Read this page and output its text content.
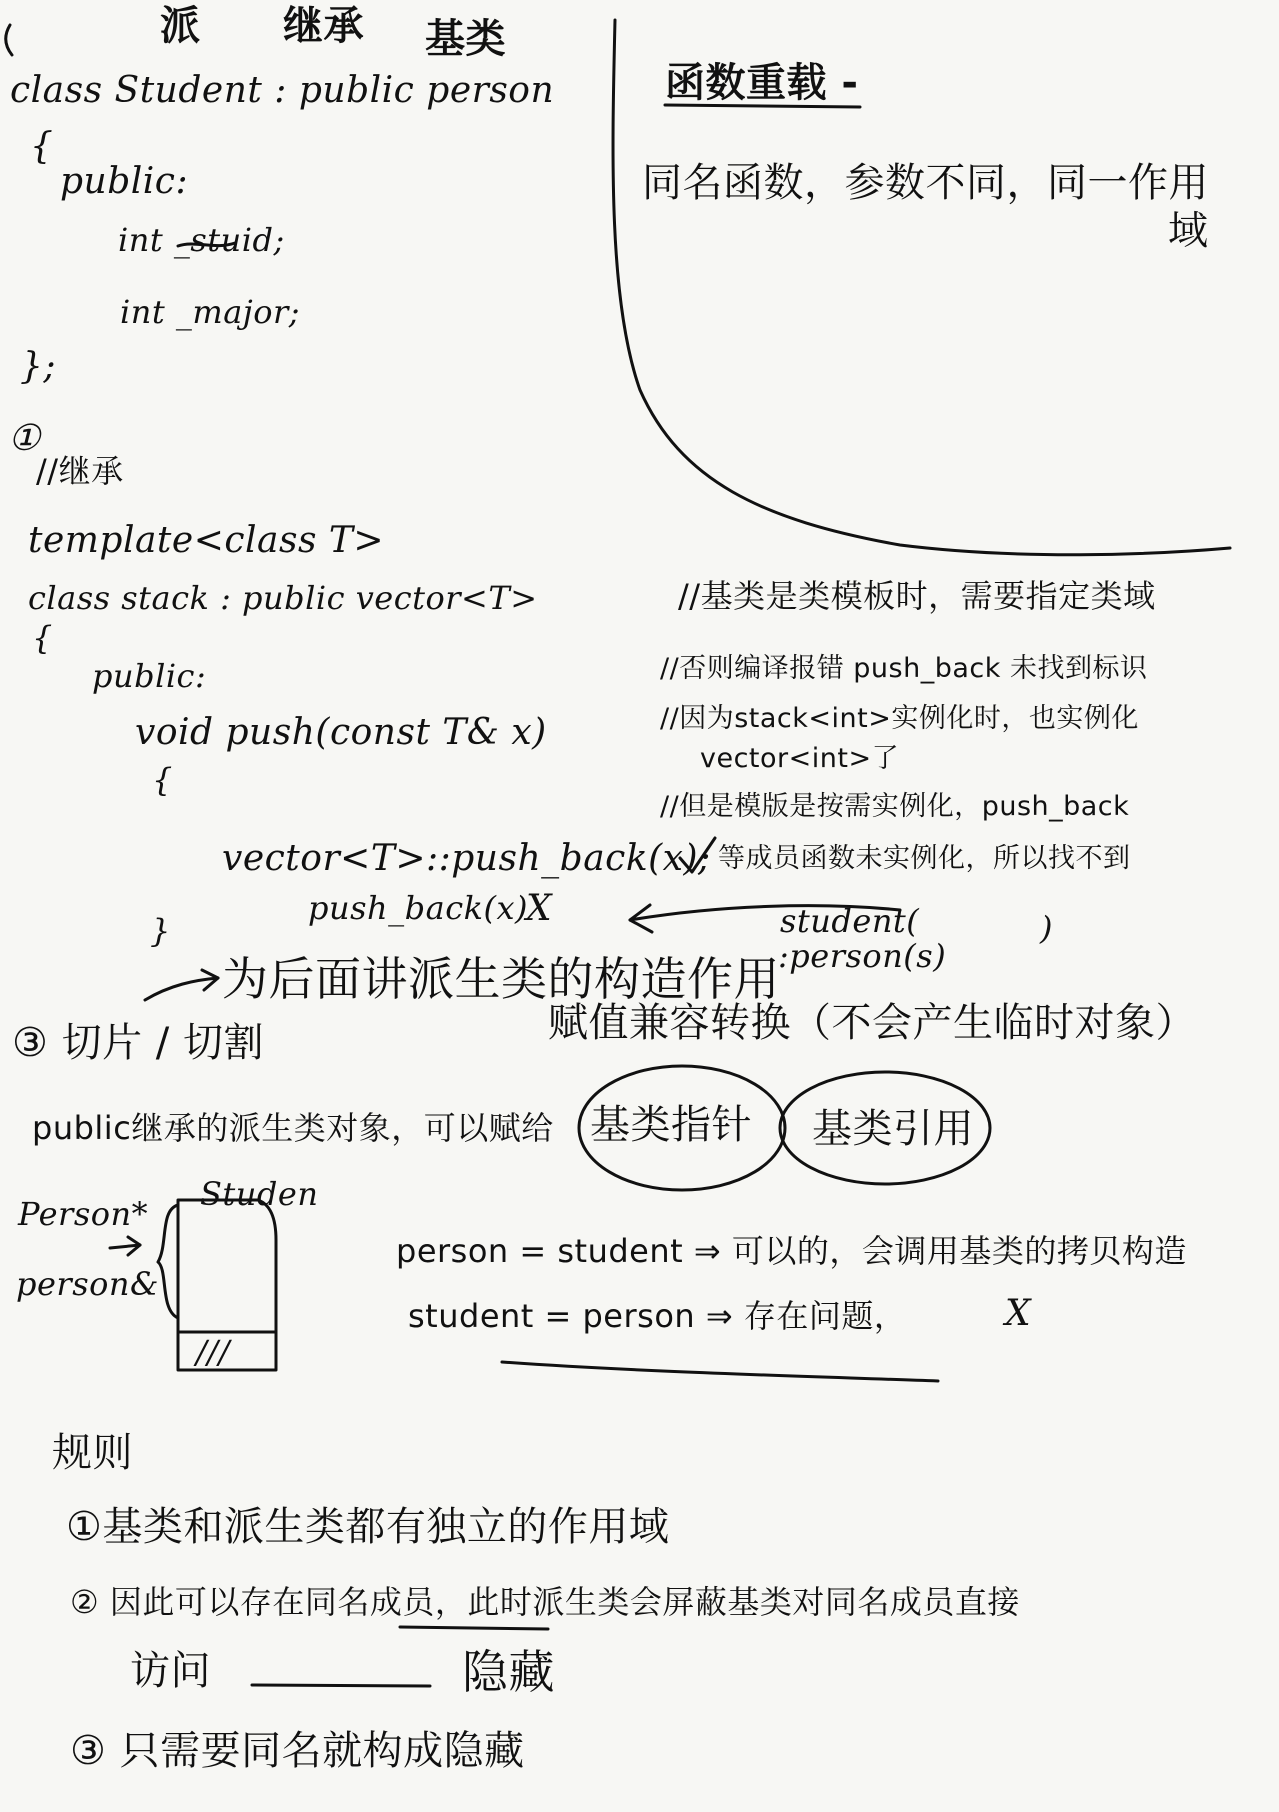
派 继承 基类
class Student : public person
{
public:
int _stuid;
int _major;
};
函数重载 -
同名函数，参数不同，同一作用
域
①
//继承
template<class T>
class stack : public vector<T>
{
public:
void push(const T& x)
{
vector<T>::push_back(x);
push_back(x)
X
}
//基类是类模板时，需要指定类域
//否则编译报错 push_back 未找到标识
//因为stack<int>实例化时，也实例化
vector<int>了
//但是模版是按需实例化，push_back
等成员函数未实例化，所以找不到
student(	)
:person(s)
为后面讲派生类的构造作用
③ 切片 / 切割	赋值兼容转换（不会产生临时对象）
public继承的派生类对象，可以赋给 基类指针 基类引用
Studen
Person*
person&
///
person = student ⇒ 可以的，会调用基类的拷贝构造
student = person ⇒ 存在问题，	X
规则
①基类和派生类都有独立的作用域
② 因此可以存在同名成员，此时派生类会屏蔽基类对同名成员直接
访问	隐藏
③ 只需要同名就构成隐藏
